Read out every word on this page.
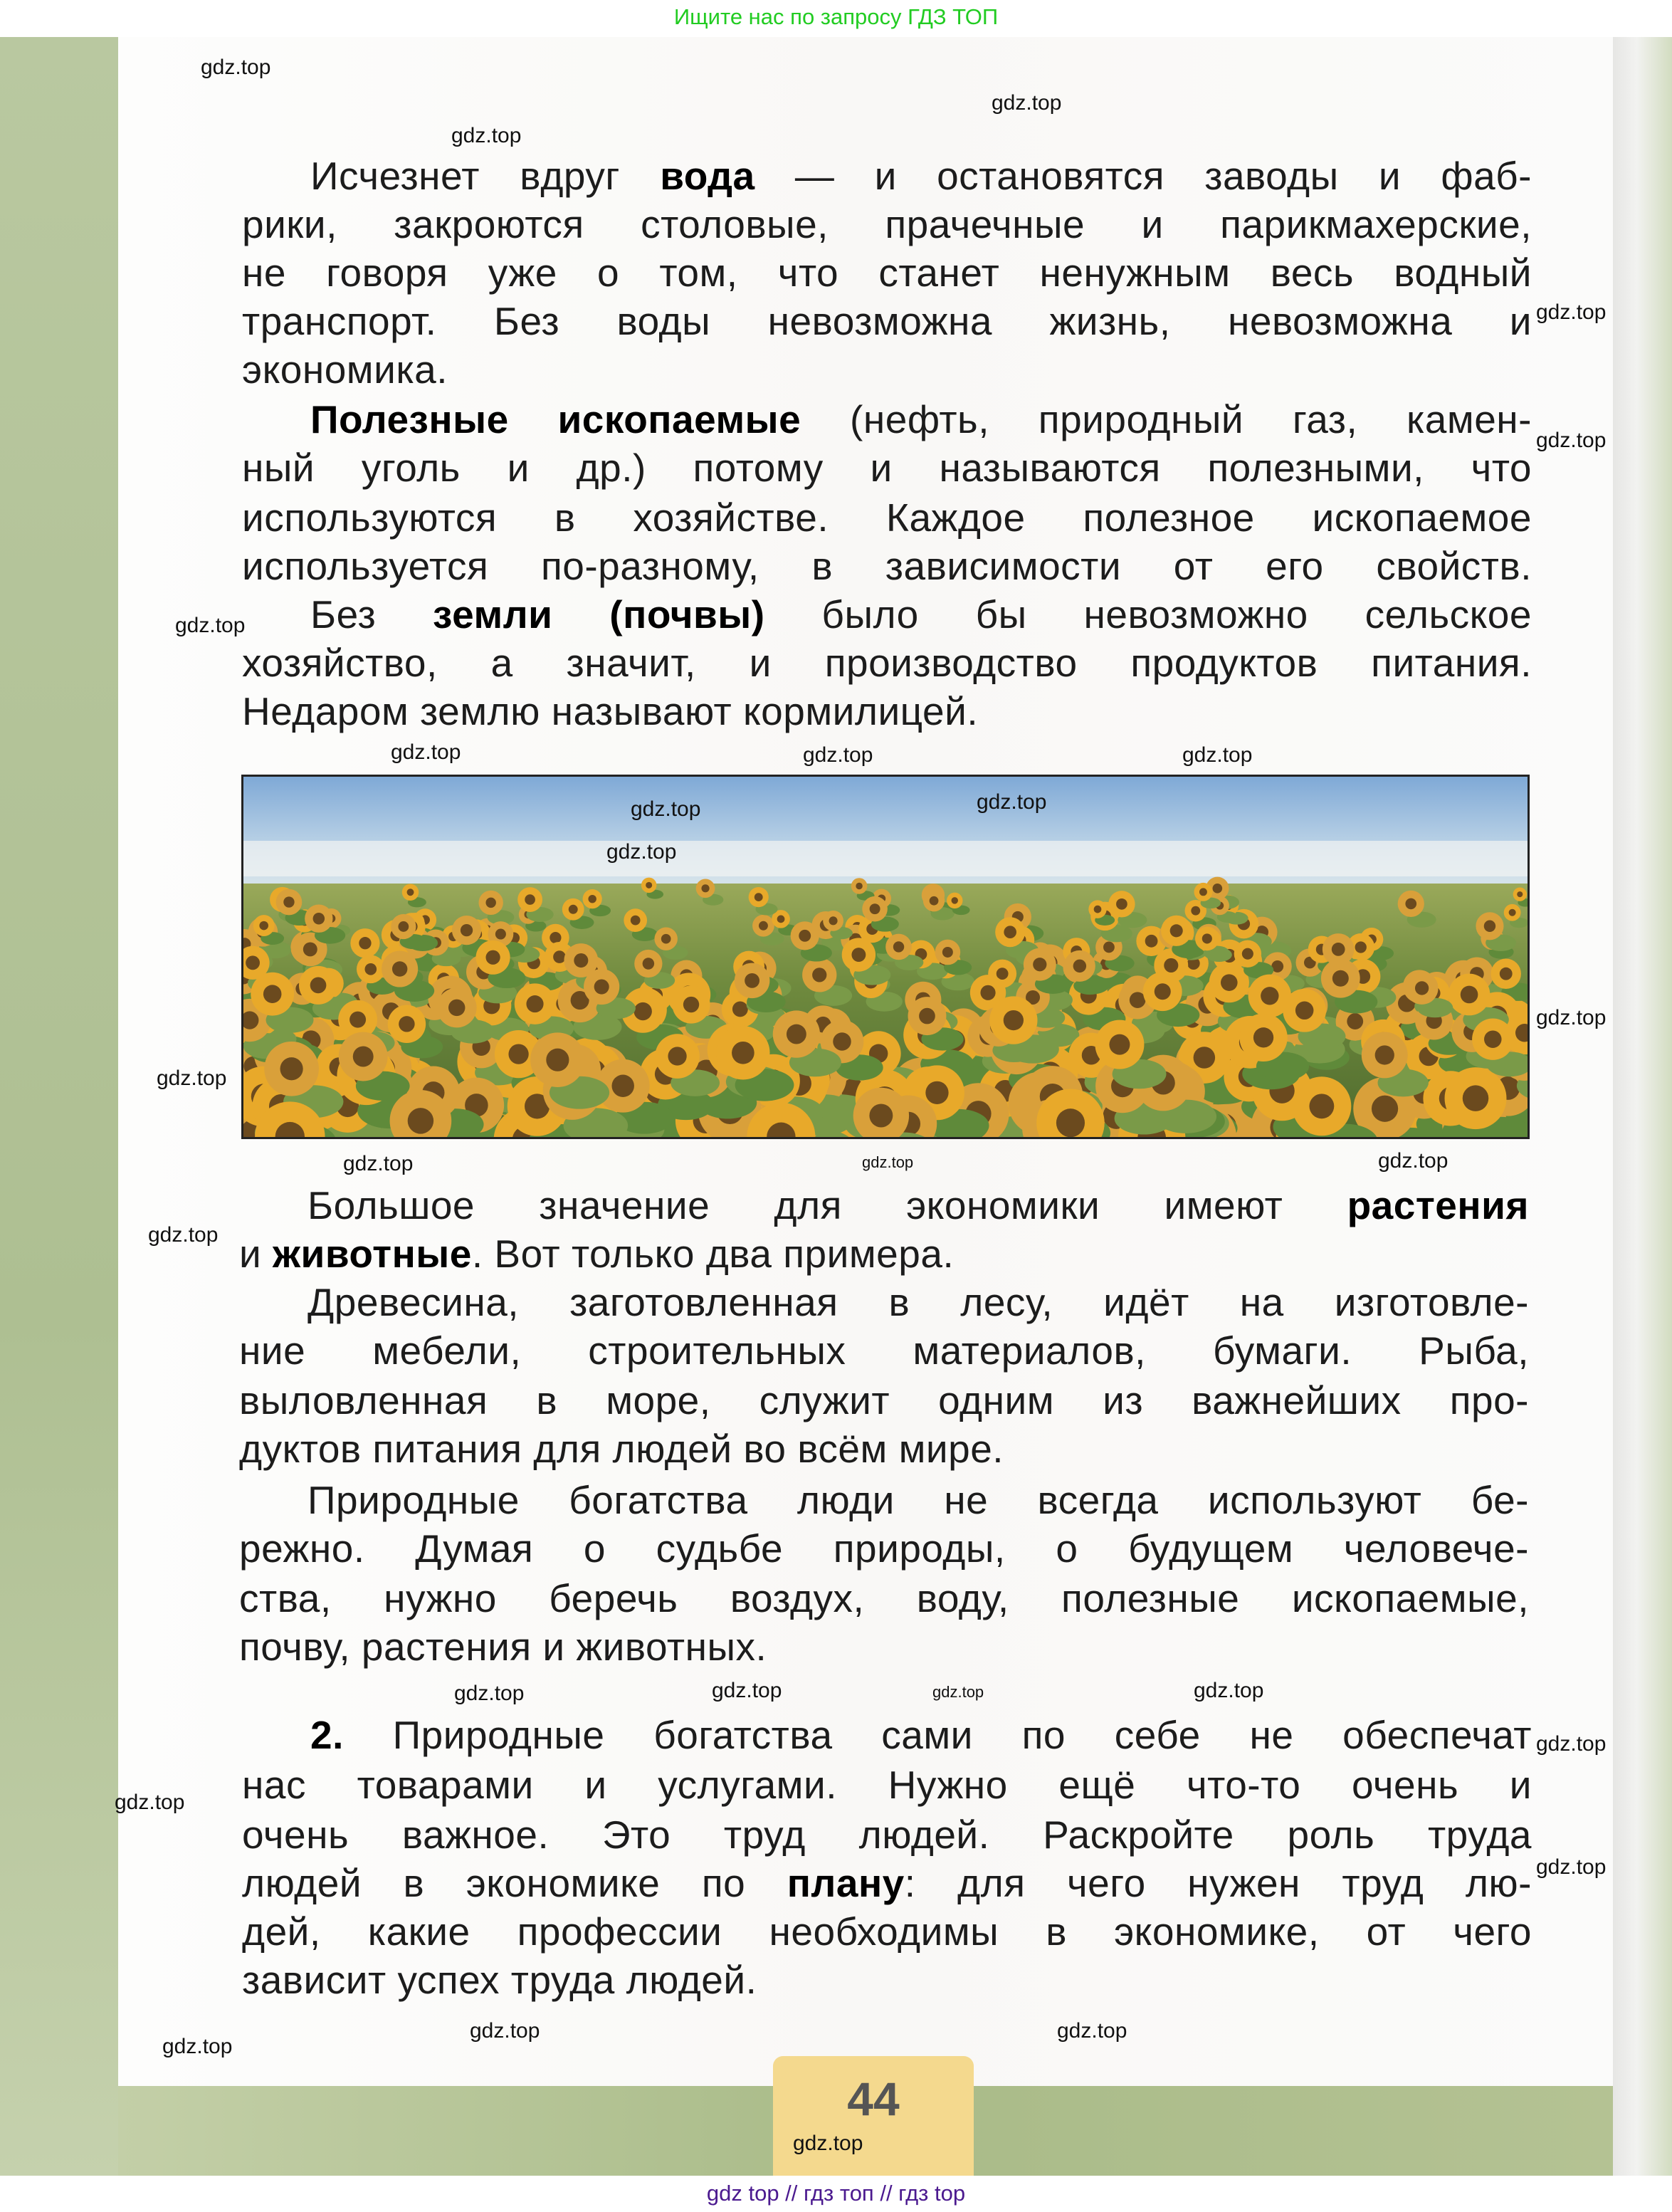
Ищите нас по запросу ГДЗ ТОП
Исчезнет вдруг вода — и остановятся заводы и фаб-
рики, закроются столовые, прачечные и парикмахерские,
не говоря уже о том, что станет ненужным весь водный
транспорт. Без воды невозможна жизнь, невозможна и
экономика.
Полезные ископаемые (нефть, природный газ, камен-
ный уголь и др.) потому и называются полезными, что
используются в хозяйстве. Каждое полезное ископаемое
используется по-разному, в зависимости от его свойств.
Без земли (почвы) было бы невозможно сельское
хозяйство, а значит, и производство продуктов питания.
Недаром землю называют кормилицей.
Большое значение для экономики имеют растения
и животные. Вот только два примера.
Древесина, заготовленная в лесу, идёт на изготовле-
ние мебели, строительных материалов, бумаги. Рыба,
выловленная в море, служит одним из важнейших про-
дуктов питания для людей во всём мире.
Природные богатства люди не всегда используют бе-
режно. Думая о судьбе природы, о будущем человече-
ства, нужно беречь воздух, воду, полезные ископаемые,
почву, растения и животных.
2. Природные богатства сами по себе не обеспечат
нас товарами и услугами. Нужно ещё что-то очень и
очень важное. Это труд людей. Раскройте роль труда
людей в экономике по плану: для чего нужен труд лю-
дей, какие профессии необходимы в экономике, от чего
зависит успех труда людей.
44
gdz top // гдз топ // гдз top
gdz.top
gdz.top
gdz.top
gdz.top
gdz.top
gdz.top
gdz.top
gdz.top
gdz.top
gdz.top
gdz.top
gdz.top
gdz.top
gdz.top
gdz.top
gdz.top
gdz.top
gdz.top
gdz.top
gdz.top
gdz.top
gdz.top
gdz.top
gdz.top
gdz.top
gdz.top
gdz.top
gdz.top
gdz.top
